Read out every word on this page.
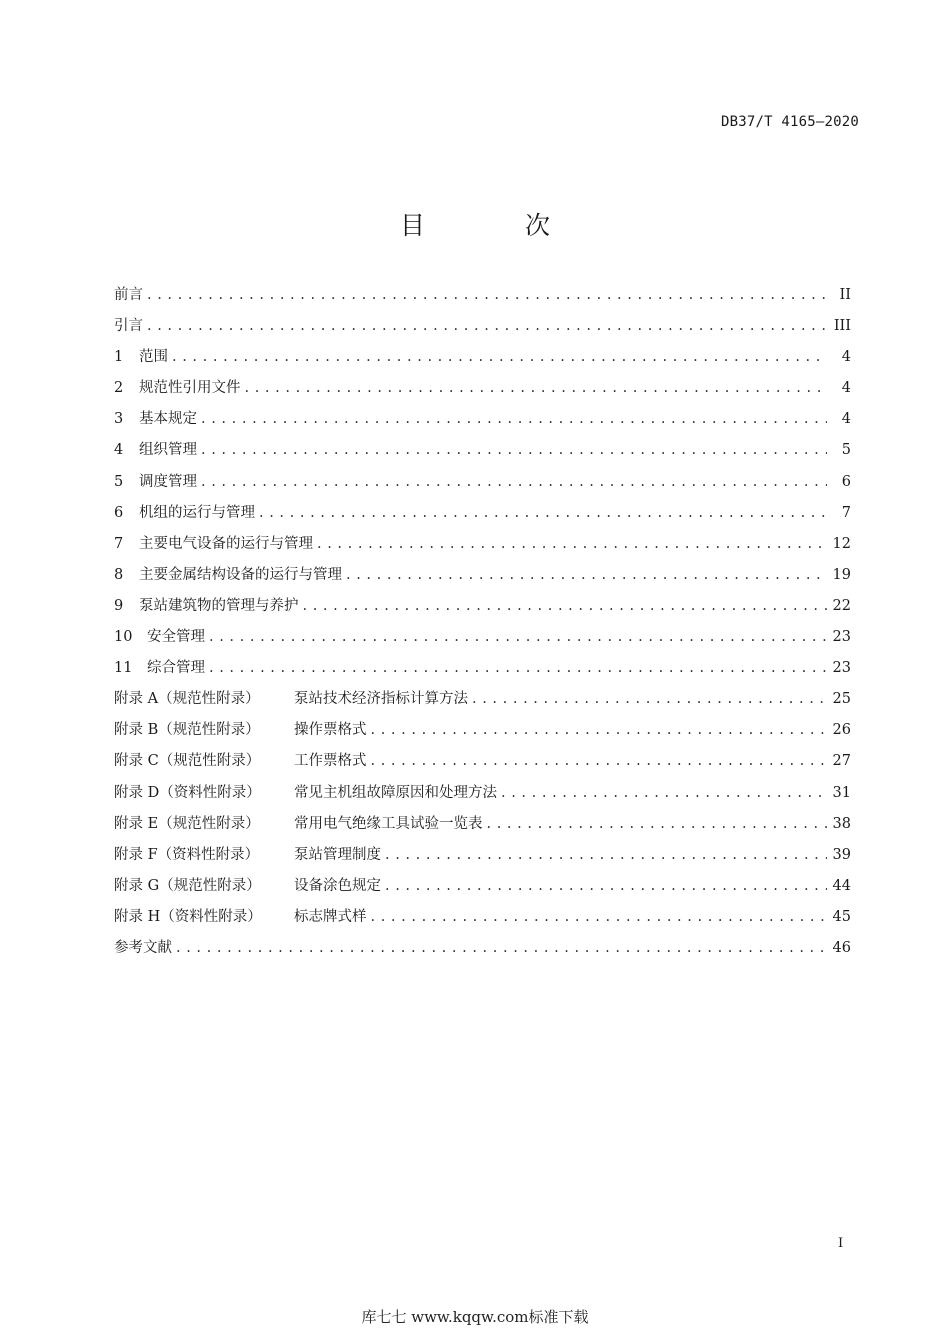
DB37/T 4165—2020
目 次
前言 . . .	II
引言 . . .	III
1	范围 . . .	4
2	规范性引用文件 . . .	4
3	基本规定 . . .	4
4	组织管理 . . .	5
5	调度管理 . . .	6
6	机组的运行与管理 . . .	7
7	主要电气设备的运行与管理 . . .	12
8	主要金属结构设备的运行与管理 . . .	19
9	泵站建筑物的管理与养护 . . .	22
10	安全管理 . . .	23
11	综合管理 . . .	23
附录 A（规范性附录）	泵站技术经济指标计算方法 . . .	25
附录 B（规范性附录）	操作票格式 . . .	26
附录 C（规范性附录）	工作票格式 . . .	27
附录 D（资料性附录）	常见主机组故障原因和处理方法 . . .	31
附录 E（规范性附录）	常用电气绝缘工具试验一览表 . . .	38
附录 F（资料性附录）	泵站管理制度 . . .	39
附录 G（规范性附录）	设备涂色规定 . . .	44
附录 H（资料性附录）	标志牌式样 . . .	45
参考文献 . . .	46
I
库七七 www.kqqw.com标准下载
